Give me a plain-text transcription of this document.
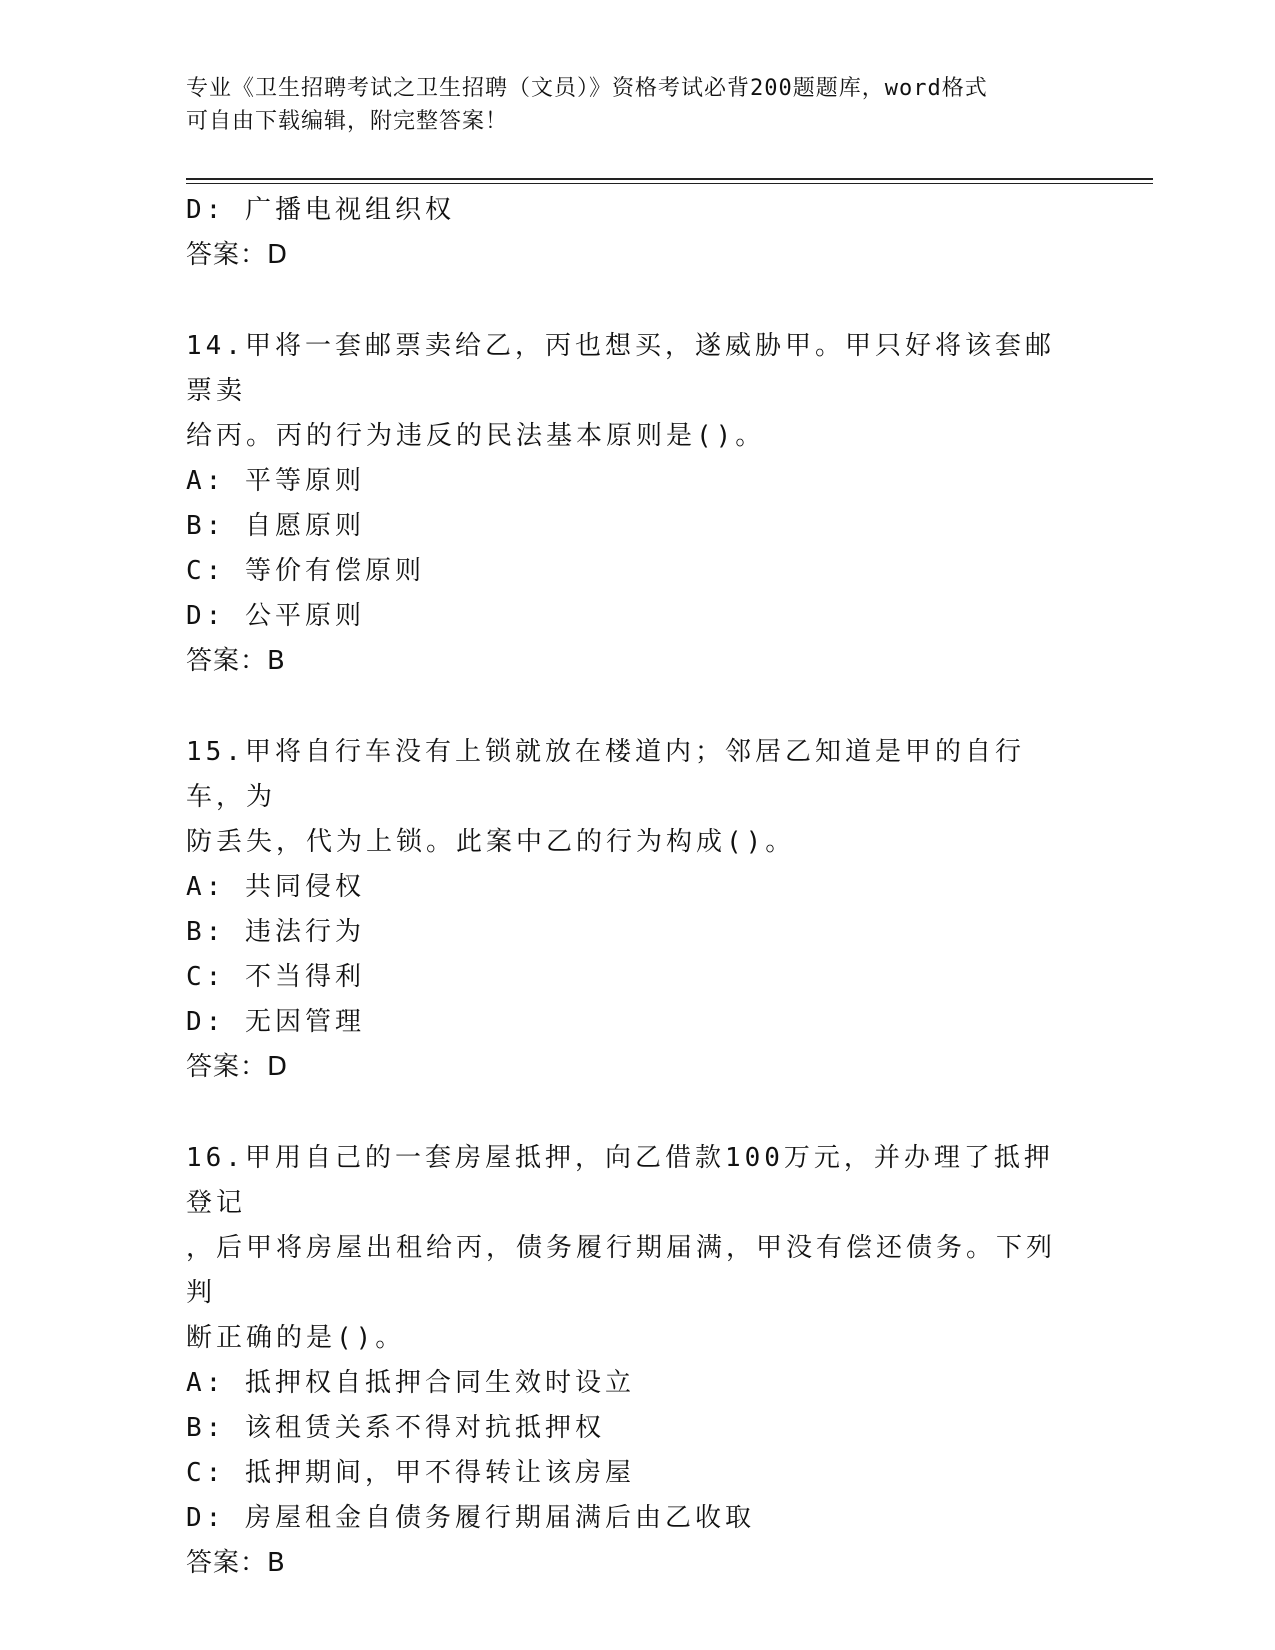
专业《卫生招聘考试之卫生招聘（文员）》资格考试必背200题题库，word格式
可自由下载编辑，附完整答案！
D: 广播电视组织权
答案：D
14.甲将一套邮票卖给乙，丙也想买，遂威胁甲。甲只好将该套邮票卖
给丙。丙的行为违反的民法基本原则是()。
A: 平等原则
B: 自愿原则
C: 等价有偿原则
D: 公平原则
答案：B
15.甲将自行车没有上锁就放在楼道内；邻居乙知道是甲的自行车，为
防丢失，代为上锁。此案中乙的行为构成()。
A: 共同侵权
B: 违法行为
C: 不当得利
D: 无因管理
答案：D
16.甲用自己的一套房屋抵押，向乙借款100万元，并办理了抵押登记
，后甲将房屋出租给丙，债务履行期届满，甲没有偿还债务。下列判
断正确的是()。
A: 抵押权自抵押合同生效时设立
B: 该租赁关系不得对抗抵押权
C: 抵押期间，甲不得转让该房屋
D: 房屋租金自债务履行期届满后由乙收取
答案：B
